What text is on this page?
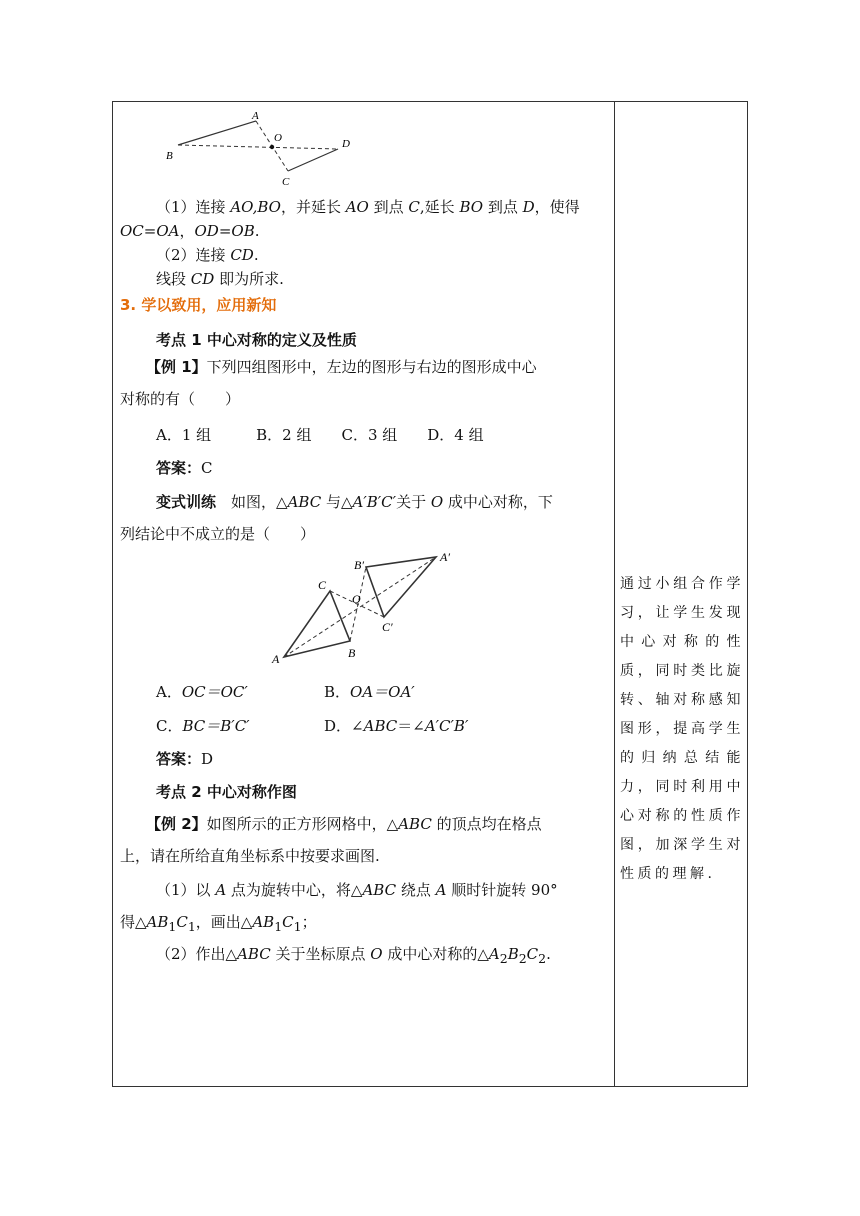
A
B
C
D
O
（1）连接 AO,BO，并延长 AO 到点 C,延长 BO 到点 D，使得
OC=OA，OD=OB.
（2）连接 CD.
线段 CD 即为所求.
3. 学以致用，应用新知
考点 1 中心对称的定义及性质
【例 1】下列四组图形中，左边的图形与右边的图形成中心
对称的有（　　）
A．1 组　　　B．2 组　　C．3 组　　D．4 组
答案：C
变式训练　如图，△ABC 与△A′B′C′关于 O 成中心对称，下
列结论中不成立的是（　　）
A	B
C
O
A′
B′
C′
A．OC＝OC′	B．OA＝OA′
C．BC＝B′C′	D．∠ABC＝∠A′C′B′
答案：D
考点 2 中心对称作图
【例 2】如图所示的正方形网格中，△ABC 的顶点均在格点
上，请在所给直角坐标系中按要求画图.
（1）以 A 点为旋转中心，将△ABC 绕点 A 顺时针旋转 90°
得$\triangle AB_1C_1$，画出$\triangle AB_1C_1$；
（2）作出△ABC 关于坐标原点 O 成中心对称的$\triangle A_2B_2C_2$.
通过小组合作学习，让学生发现中心对称的性质，同时类比旋转、轴对称感知图形，提高学生的归纳总结能力，同时利用中心对称的性质作图，加深学生对性质的理解.
